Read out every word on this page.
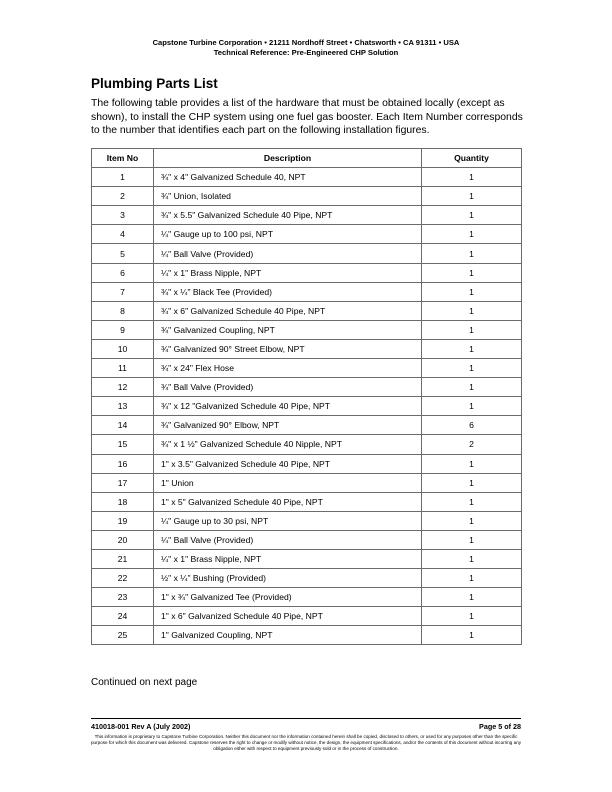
Capstone Turbine Corporation • 21211 Nordhoff Street • Chatsworth • CA 91311 • USA
Technical Reference: Pre-Engineered CHP Solution
Plumbing Parts List

The following table provides a list of the hardware that must be obtained locally (except as shown), to install the CHP system using one fuel gas booster. Each Item Number corresponds to the number that identifies each part on the following installation figures.

Item No	Description	Quantity
1	¾" x 4" Galvanized Schedule 40, NPT	1
2	¾" Union, Isolated	1
3	¾" x 5.5" Galvanized Schedule 40 Pipe, NPT	1
4	¼" Gauge up to 100 psi, NPT	1
5	¼" Ball Valve (Provided)	1
6	¼" x 1" Brass Nipple, NPT	1
7	¾" x ¼" Black Tee (Provided)	1
8	¾" x 6" Galvanized Schedule 40 Pipe, NPT	1
9	¾" Galvanized Coupling, NPT	1
10	¾" Galvanized 90° Street Elbow, NPT	1
11	¾" x 24" Flex Hose	1
12	¾" Ball Valve (Provided)	1
13	¾" x 12 "Galvanized Schedule 40 Pipe, NPT	1
14	¾" Galvanized 90° Elbow, NPT	6
15	¾" x 1 ½" Galvanized Schedule 40 Nipple, NPT	2
16	1" x 3.5" Galvanized Schedule 40 Pipe, NPT	1
17	1" Union	1
18	1" x 5" Galvanized Schedule 40 Pipe, NPT	1
19	¼" Gauge up to 30 psi, NPT	1
20	¼" Ball Valve (Provided)	1
21	¼" x 1" Brass Nipple, NPT	1
22	½" x ¼" Bushing (Provided)	1
23	1" x ¾" Galvanized Tee (Provided)	1
24	1" x 6" Galvanized Schedule 40 Pipe, NPT	1
25	1" Galvanized Coupling, NPT	1

Continued on next page

410018-001 Rev A (July 2002)	Page 5 of 28

This information is proprietary to Capstone Turbine Corporation. Neither this document nor the information contained herein shall be copied, disclosed to others, or used for any purposes other than the specific purpose for which this document was delivered. Capstone reserves the right to change or modify without notice, the design, the equipment specifications, and/or the contents of this document without incurring any obligation either with respect to equipment previously sold or in the process of construction.
